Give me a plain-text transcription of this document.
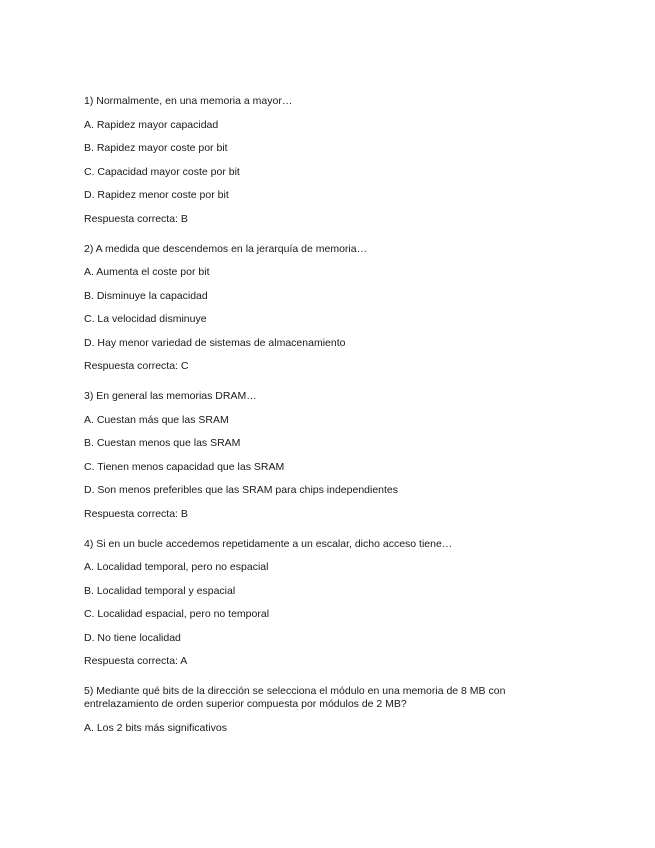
1) Normalmente, en una memoria a mayor…
A. Rapidez mayor capacidad
B. Rapidez mayor coste por bit
C. Capacidad mayor coste por bit
D. Rapidez menor coste por bit
Respuesta correcta: B
2) A medida que descendemos en la jerarquía de memoria…
A. Aumenta el coste por bit
B. Disminuye la capacidad
C. La velocidad disminuye
D. Hay menor variedad de sistemas de almacenamiento
Respuesta correcta: C
3) En general las memorias DRAM…
A. Cuestan más que las SRAM
B. Cuestan menos que las SRAM
C. Tienen menos capacidad que las SRAM
D. Son menos preferibles que las SRAM para chips independientes
Respuesta correcta: B
4) Si en un bucle accedemos repetidamente a un escalar, dicho acceso tiene…
A. Localidad temporal, pero no espacial
B. Localidad temporal y espacial
C. Localidad espacial, pero no temporal
D. No tiene localidad
Respuesta correcta: A
5) Mediante qué bits de la dirección se selecciona el módulo en una memoria de 8 MB con entrelazamiento de orden superior compuesta por módulos de 2 MB?
A. Los 2 bits más significativos
